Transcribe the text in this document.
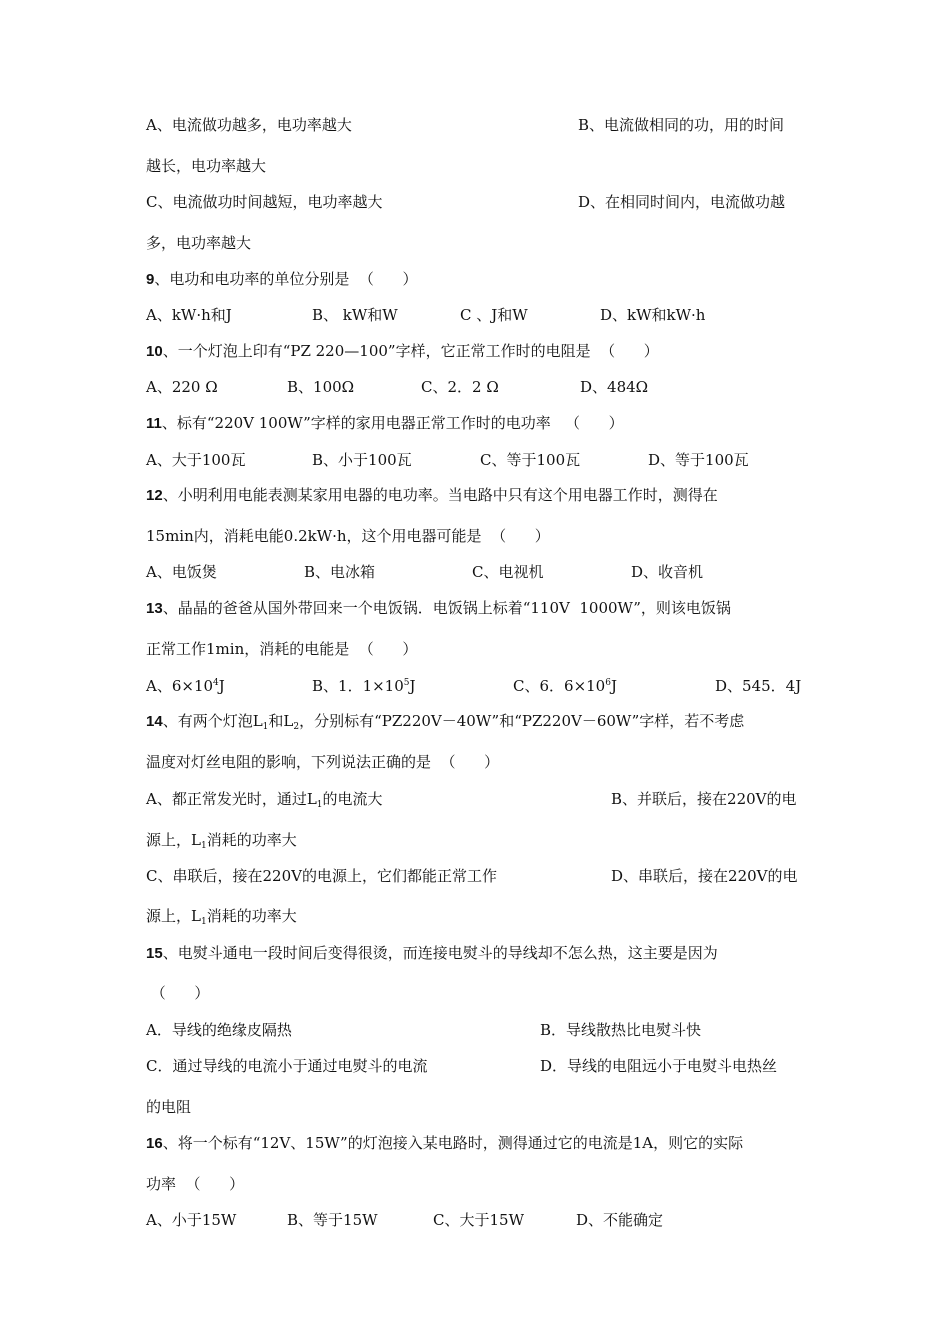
A、电流做功越多，电功率越大	B、电流做相同的功，用的时间
越长，电功率越大
C、电流做功时间越短，电功率越大	D、在相同时间内，电流做功越
多，电功率越大
9、电功和电功率的单位分别是  （      ）
A、kW·h和J	B、 kW和W	C 、J和W	D、kW和kW·h
10、一个灯泡上印有“PZ 220—100”字样，它正常工作时的电阻是  （      ）
A、220 Ω	B、100Ω	C、2．2 Ω	D、484Ω
11、标有“220V 100W”字样的家用电器正常工作时的电功率   （      ）
A、大于100瓦	B、小于100瓦	C、等于100瓦	D、等于100瓦
12、小明利用电能表测某家用电器的电功率。当电路中只有这个用电器工作时，测得在
15min内，消耗电能0.2kW·h，这个用电器可能是  （      ）
A、电饭煲	B、电冰箱	C、电视机	D、收音机
13、晶晶的爸爸从国外带回来一个电饭锅．电饭锅上标着“110V  1000W”，则该电饭锅
正常工作1min，消耗的电能是  （      ）
A、$6\times 10^4J$	B、1．$1\times 10^5J$	C、6．$6\times 10^6J$	D、545．4J
14、有两个灯泡$L_1$和$L_2$，分别标有“PZ220V－40W”和“PZ220V－60W”字样，若不考虑
温度对灯丝电阻的影响，下列说法正确的是  （      ）
A、都正常发光时，通过$L_1$的电流大	B、并联后，接在220V的电
源上，$L_1$消耗的功率大
C、串联后，接在220V的电源上，它们都能正常工作	D、串联后，接在220V的电
源上，$L_1$消耗的功率大
15、电熨斗通电一段时间后变得很烫，而连接电熨斗的导线却不怎么热，这主要是因为
（      ）
A．导线的绝缘皮隔热	B．导线散热比电熨斗快
C．通过导线的电流小于通过电熨斗的电流	D．导线的电阻远小于电熨斗电热丝
的电阻
16、将一个标有“12V、15W”的灯泡接入某电路时，测得通过它的电流是1A，则它的实际
功率  （      ）
A、小于15W	B、等于15W	C、大于15W	D、不能确定
